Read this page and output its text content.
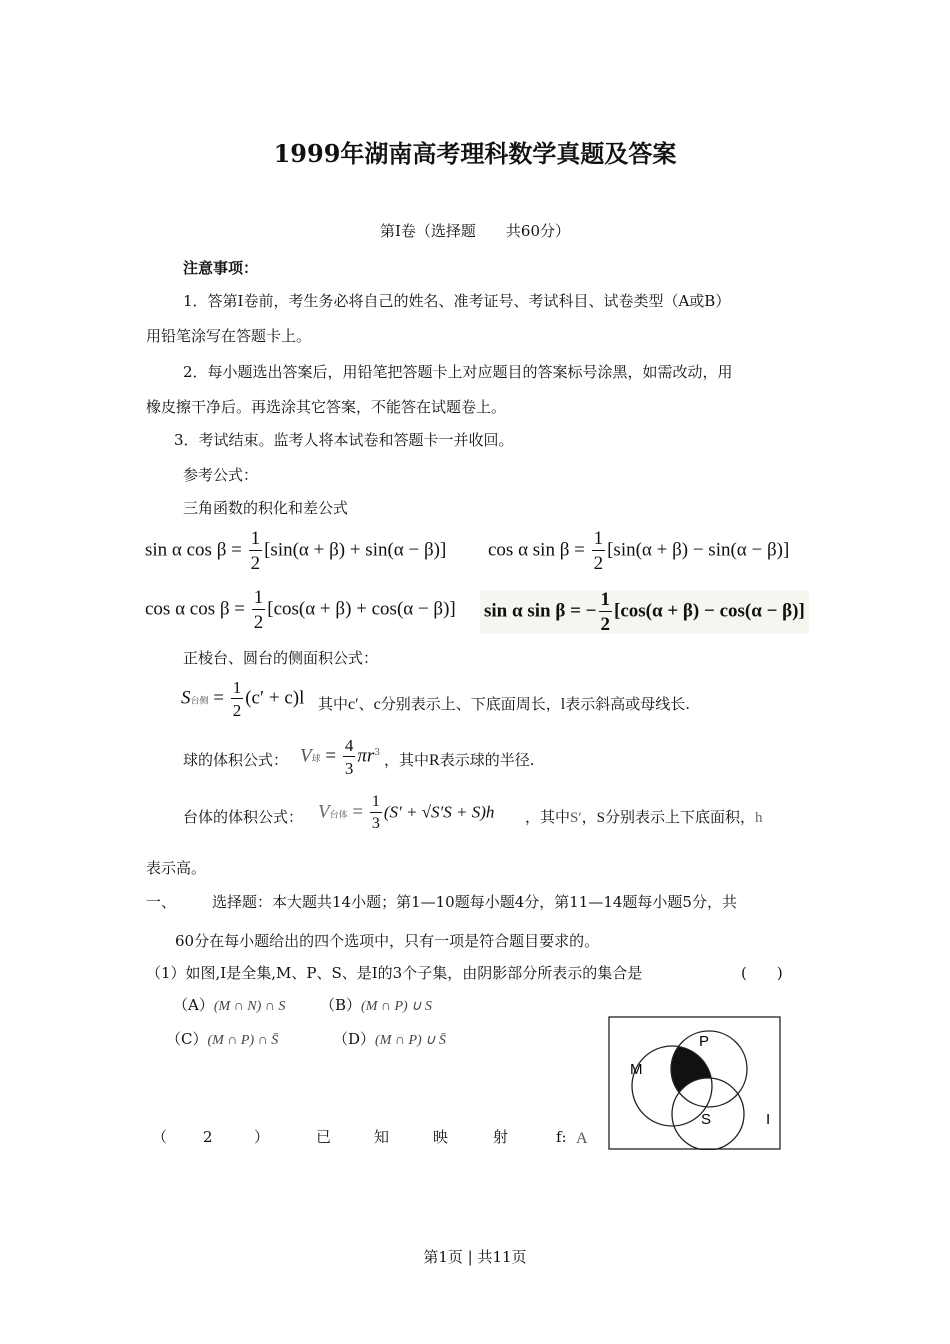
1999年湖南高考理科数学真题及答案
第Ⅰ卷（选择题　　共60分）
注意事项：
1．答第Ⅰ卷前，考生务必将自己的姓名、准考证号、考试科目、试卷类型（A或B）
用铅笔涂写在答题卡上。
2．每小题选出答案后，用铅笔把答题卡上对应题目的答案标号涂黑，如需改动，用
橡皮擦干净后。再选涂其它答案，不能答在试题卷上。
3．考试结束。监考人将本试卷和答题卡一并收回。
参考公式：
三角函数的积化和差公式
sin α $\cos \beta = \frac{1}{2} [\sin(\alpha + \beta) + \sin(\alpha - \beta)]$ cos α $\sin \beta = \frac{1}{2} [\sin(\alpha + \beta) - \sin(\alpha - \beta)]$
cos α $\cos \beta = \frac{1}{2} [\cos(\alpha + \beta) + \cos(\alpha - \beta)]$ sin α sin β = − $\frac{1}{2} [\cos(\alpha + \beta) - \cos(\alpha - \beta)]$
正棱台、圆台的侧面积公式：
S台侧 = $\frac{1}{2} (c' + c)l$ 其中c′、c分别表示上、下底面周长，l表示斜高或母线长.
球的体积公式： V球 = $\frac{4}{3} \pi r^3$ ，其中R表示球的半径.
台体的体积公式： V台体 = $\frac{1}{3} (S' + √S'S + S)h$ ，其中S′，S分别表示上下底面积，h
表示高。
一、 选择题：本大题共14小题；第1—10题每小题4分，第11—14题每小题5分，共
60分在每小题给出的四个选项中，只有一项是符合题目要求的。
（1）如图,I是全集,M、P、S、是I的3个子集，由阴影部分所表示的集合是	(　　)
（A）(M ∩ N) ∩ S （B）(M ∩ P) ∪ S
（C）(M ∩ P) ∩ S̄	（D）(M ∩ P) ∪ S̄
M
P
S	I
（ 2	）	已	知	映	射	f: A
第1页 | 共11页
